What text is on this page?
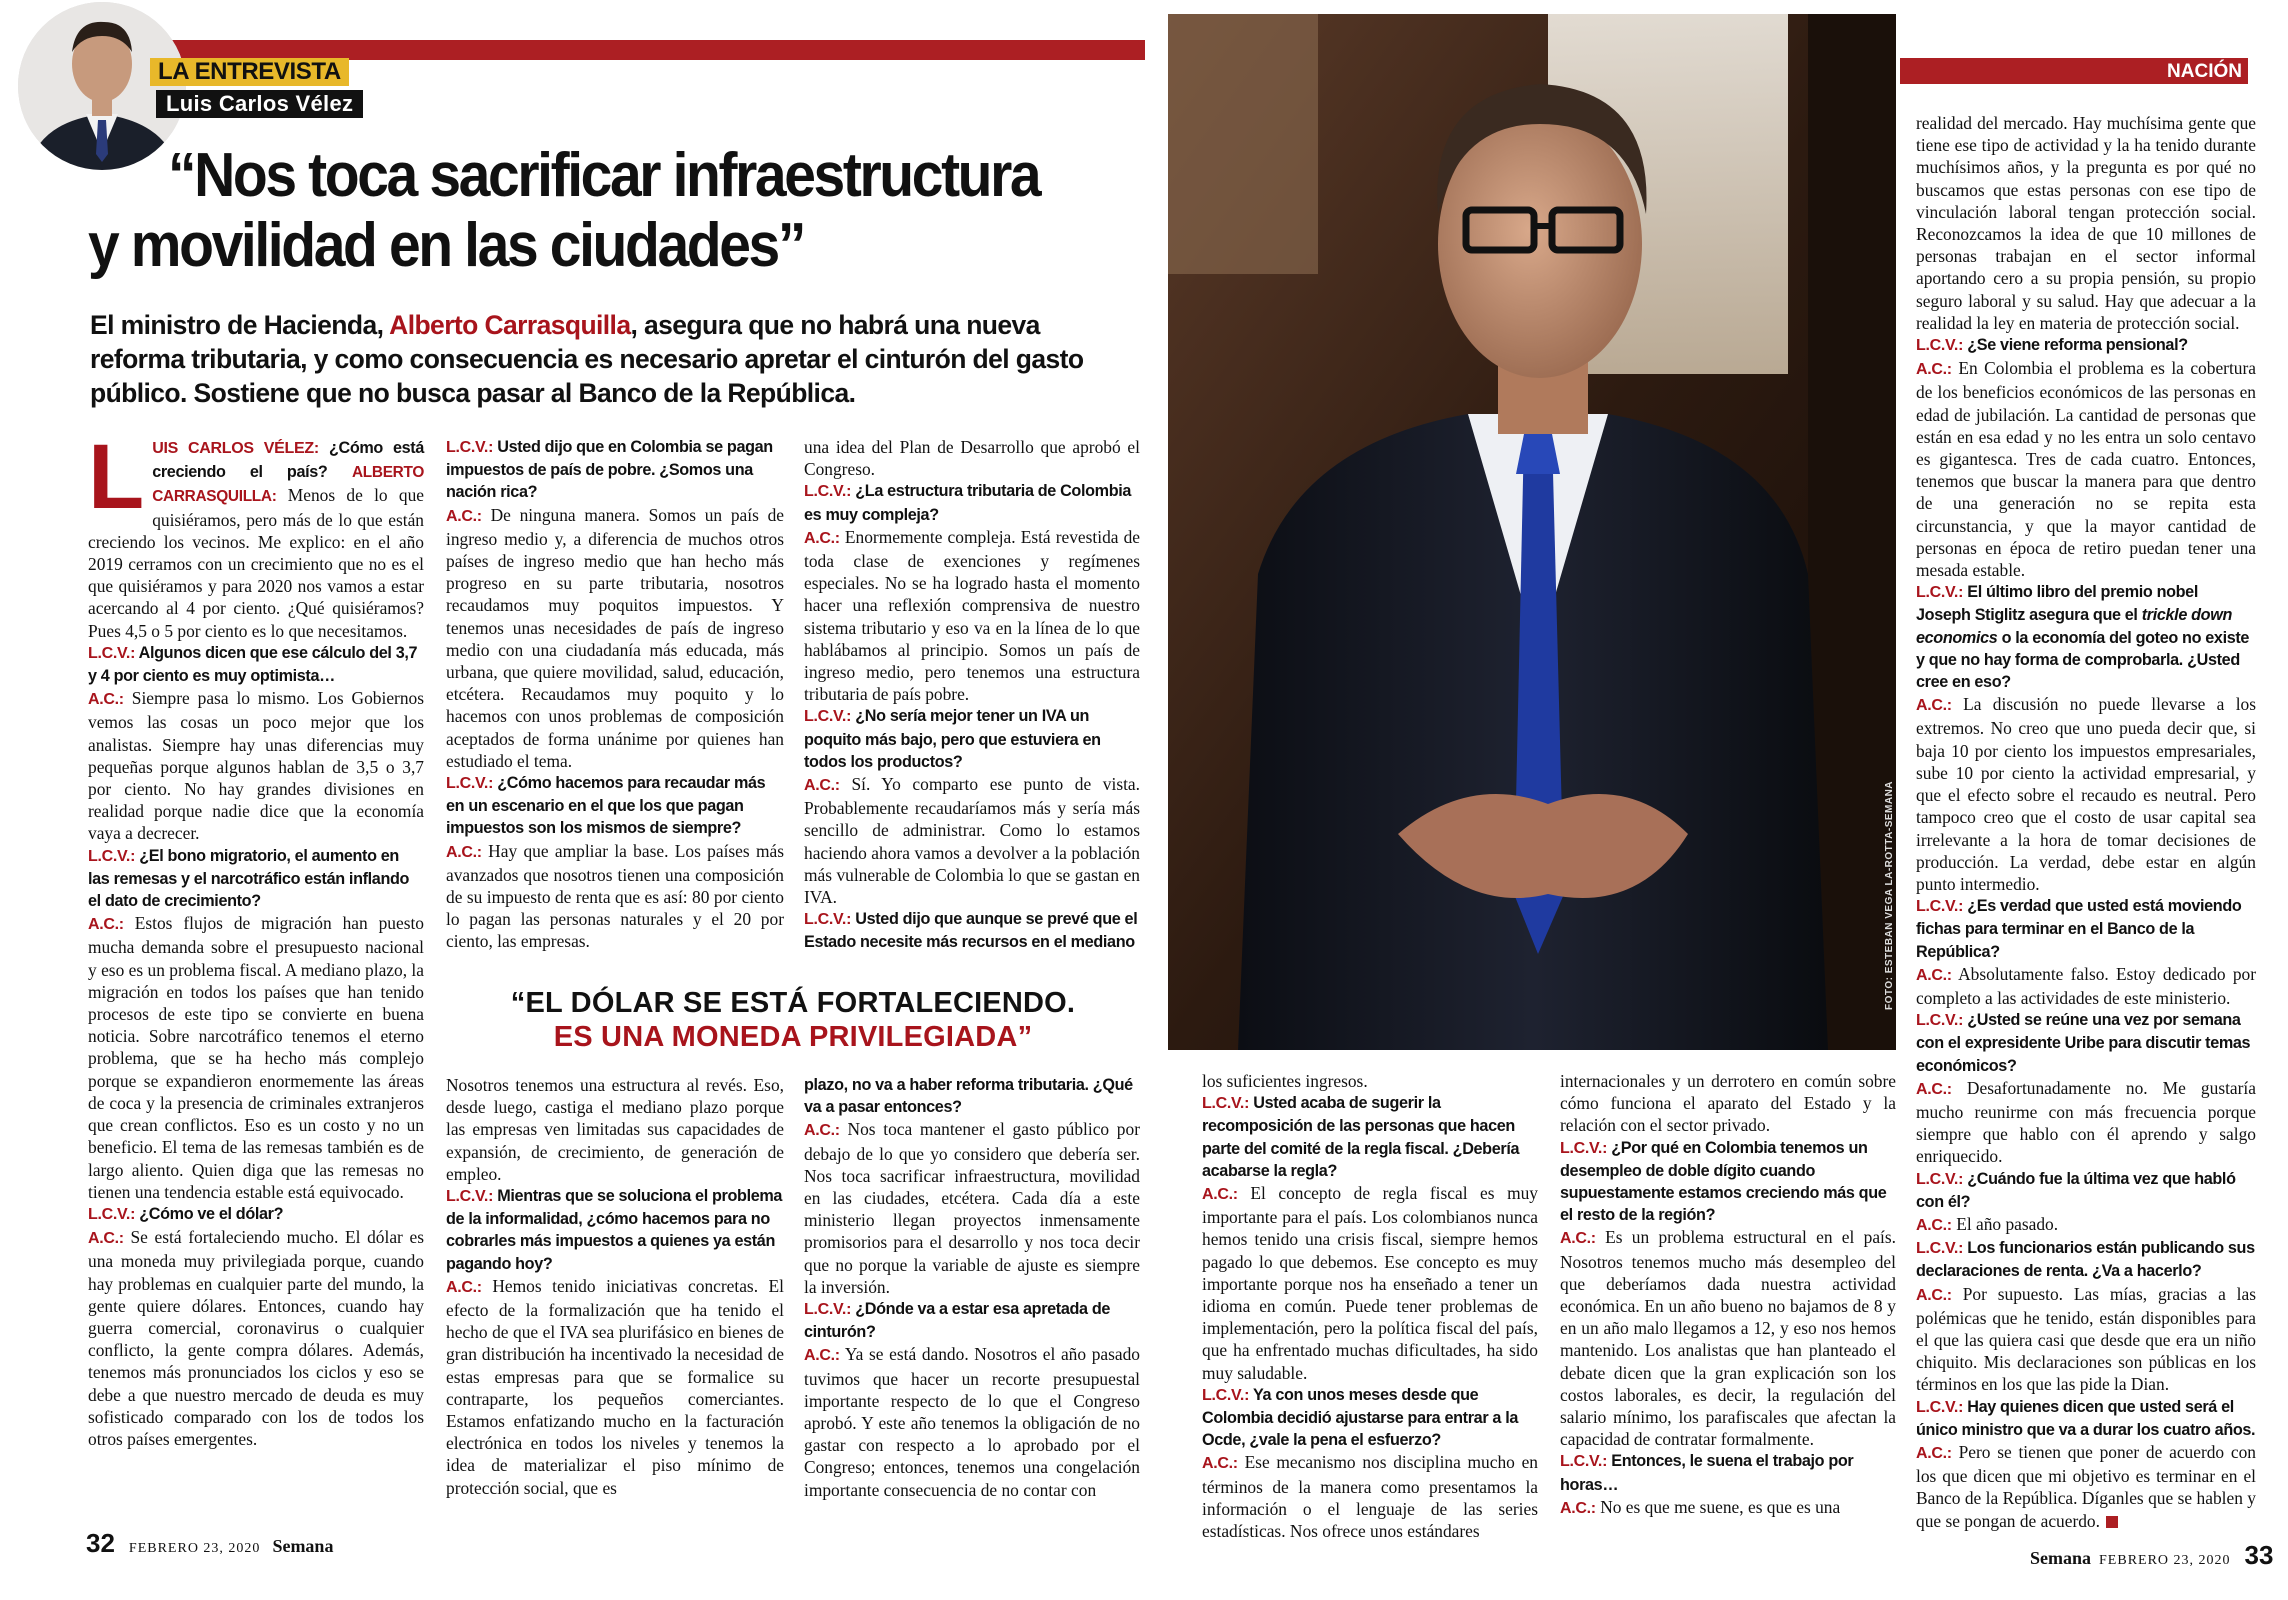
NACIÓN
LA ENTREVISTA
Luis Carlos Vélez
“Nos toca sacrificar infraestructura
y movilidad en las ciudades”
El ministro de Hacienda, Alberto Carrasquilla, asegura que no habrá una nueva
reforma tributaria, y como consecuencia es necesario apretar el cinturón del gasto
público. Sostiene que no busca pasar al Banco de la República.
FOTO: ESTEBAN VEGA LA-ROTTA-SEMANA

LUIS CARLOS VÉLEZ: ¿Cómo está creciendo el país? ALBERTO CARRASQUILLA: Menos de lo que quisiéramos, pero más de lo que están creciendo los vecinos. Me explico: en el año 2019 cerramos con un crecimiento que no es el que quisiéramos y para 2020 nos vamos a estar acercando al 4 por ciento. ¿Qué quisiéramos? Pues 4,5 o 5 por ciento es lo que necesitamos.

L.C.V.: Algunos dicen que ese cálculo del 3,7 y 4 por ciento es muy optimista…

A.C.: Siempre pasa lo mismo. Los Gobiernos vemos las cosas un poco mejor que los analistas. Siempre hay unas diferencias muy pequeñas porque algunos hablan de 3,5 o 3,7 por ciento. No hay grandes divisiones en realidad porque nadie dice que la economía vaya a decrecer.

L.C.V.: ¿El bono migratorio, el aumento en las remesas y el narcotráfico están inflando el dato de crecimiento?

A.C.: Estos flujos de migración han puesto mucha demanda sobre el presupuesto nacional y eso es un problema fiscal. A mediano plazo, la migración en todos los países que han tenido procesos de este tipo se convierte en buena noticia. Sobre narcotráfico tenemos el eterno problema, que se ha hecho más complejo porque se expandieron enormemente las áreas de coca y la presencia de criminales extranjeros que crean conflictos. Eso es un costo y no un beneficio. El tema de las remesas también es de largo aliento. Quien diga que las remesas no tienen una tendencia estable está equivocado.

L.C.V.: ¿Cómo ve el dólar?

A.C.: Se está fortaleciendo mucho. El dólar es una moneda muy privilegiada porque, cuando hay problemas en cualquier parte del mundo, la gente quiere dólares. Entonces, cuando hay guerra comercial, coronavirus o cualquier conflicto, la gente compra dólares. Además, tenemos más pronunciados los ciclos y eso se debe a que nuestro mercado de deuda es muy sofisticado comparado con los de todos los otros países emergentes.

L.C.V.: Usted dijo que en Colombia se pagan impuestos de país de pobre. ¿Somos una nación rica?

A.C.: De ninguna manera. Somos un país de ingreso medio y, a diferencia de muchos otros países de ingreso medio que han hecho más progreso en su parte tributaria, nosotros recaudamos muy poquitos impuestos. Y tenemos unas necesidades de país de ingreso medio con una ciudadanía más educada, más urbana, que quiere movilidad, salud, educación, etcétera. Recaudamos muy poquito y lo hacemos con unos problemas de composición aceptados de forma unánime por quienes han estudiado el tema.

L.C.V.: ¿Cómo hacemos para recaudar más en un escenario en el que los que pagan impuestos son los mismos de siempre?

A.C.: Hay que ampliar la base. Los países más avanzados que nosotros tienen una composición de su impuesto de renta que es así: 80 por ciento lo pagan las personas naturales y el 20 por ciento, las empresas.

una idea del Plan de Desarrollo que aprobó el Congreso.

L.C.V.: ¿La estructura tributaria de Colombia es muy compleja?

A.C.: Enormemente compleja. Está revestida de toda clase de exenciones y regímenes especiales. No se ha logrado hasta el momento hacer una reflexión comprensiva de nuestro sistema tributario y eso va en la línea de lo que hablábamos al principio. Somos un país de ingreso medio, pero tenemos una estructura tributaria de país pobre.

L.C.V.: ¿No sería mejor tener un IVA un poquito más bajo, pero que estuviera en todos los productos?

A.C.: Sí. Yo comparto ese punto de vista. Probablemente recaudaríamos más y sería más sencillo de administrar. Como lo estamos haciendo ahora vamos a devolver a la población más vulnerable de Colombia lo que se gastan en IVA.

L.C.V.: Usted dijo que aunque se prevé que el Estado necesite más recursos en el mediano

“EL DÓLAR SE ESTÁ FORTALECIENDO.
ES UNA MONEDA PRIVILEGIADA”

Nosotros tenemos una estructura al revés. Eso, desde luego, castiga el mediano plazo porque las empresas ven limitadas sus capacidades de expansión, de crecimiento, de generación de empleo.

L.C.V.: Mientras que se soluciona el problema de la informalidad, ¿cómo hacemos para no cobrarles más impuestos a quienes ya están pagando hoy?

A.C.: Hemos tenido iniciativas concretas. El efecto de la formalización que ha tenido el hecho de que el IVA sea plurifásico en bienes de gran distribución ha incentivado la necesidad de estas empresas para que se formalice su contraparte, los pequeños comerciantes. Estamos enfatizando mucho en la facturación electrónica en todos los niveles y tenemos la idea de materializar el piso mínimo de protección social, que es

plazo, no va a haber reforma tributaria. ¿Qué va a pasar entonces?

A.C.: Nos toca mantener el gasto público por debajo de lo que yo considero que debería ser. Nos toca sacrificar infraestructura, movilidad en las ciudades, etcétera. Cada día a este ministerio llegan proyectos inmensamente promisorios para el desarrollo y nos toca decir que no porque la variable de ajuste es siempre la inversión.

L.C.V.: ¿Dónde va a estar esa apretada de cinturón?

A.C.: Ya se está dando. Nosotros el año pasado tuvimos que hacer un recorte presupuestal importante respecto de lo que el Congreso aprobó. Y este año tenemos la obligación de no gastar con respecto a lo aprobado por el Congreso; entonces, tenemos una congelación importante consecuencia de no contar con

los suficientes ingresos.

L.C.V.: Usted acaba de sugerir la recomposición de las personas que hacen parte del comité de la regla fiscal. ¿Debería acabarse la regla?

A.C.: El concepto de regla fiscal es muy importante para el país. Los colombianos nunca hemos tenido una crisis fiscal, siempre hemos pagado lo que debemos. Ese concepto es muy importante porque nos ha enseñado a tener un idioma en común. Puede tener problemas de implementación, pero la política fiscal del país, que ha enfrentado muchas dificultades, ha sido muy saludable.

L.C.V.: Ya con unos meses desde que Colombia decidió ajustarse para entrar a la Ocde, ¿vale la pena el esfuerzo?

A.C.: Ese mecanismo nos disciplina mucho en términos de la manera como presentamos la información o el lenguaje de las series estadísticas. Nos ofrece unos estándares

internacionales y un derrotero en común sobre cómo funciona el aparato del Estado y la relación con el sector privado.

L.C.V.: ¿Por qué en Colombia tenemos un desempleo de doble dígito cuando supuestamente estamos creciendo más que el resto de la región?

A.C.: Es un problema estructural en el país. Nosotros tenemos mucho más desempleo del que deberíamos dada nuestra actividad económica. En un año bueno no bajamos de 8 y en un año malo llegamos a 12, y eso nos hemos mantenido. Los analistas que han planteado el debate dicen que la gran explicación son los costos laborales, es decir, la regulación del salario mínimo, los parafiscales que afectan la capacidad de contratar formalmente.

L.C.V.: Entonces, le suena el trabajo por horas…

A.C.: No es que me suene, es que es una

realidad del mercado. Hay muchísima gente que tiene ese tipo de actividad y la ha tenido durante muchísimos años, y la pregunta es por qué no buscamos que estas personas con ese tipo de vinculación laboral tengan protección social. Reconozcamos la idea de que 10 millones de personas trabajan en el sector informal aportando cero a su propia pensión, su propio seguro laboral y su salud. Hay que adecuar a la realidad la ley en materia de protección social.

L.C.V.: ¿Se viene reforma pensional?

A.C.: En Colombia el problema es la cobertura de los beneficios económicos de las personas en edad de jubilación. La cantidad de personas que están en esa edad y no les entra un solo centavo es gigantesca. Tres de cada cuatro. Entonces, tenemos que buscar la manera para que dentro de una generación no se repita esta circunstancia, y que la mayor cantidad de personas en época de retiro puedan tener una mesada estable.

L.C.V.: El último libro del premio nobel Joseph Stiglitz asegura que el trickle down economics o la economía del goteo no existe y que no hay forma de comprobarla. ¿Usted cree en eso?

A.C.: La discusión no puede llevarse a los extremos. No creo que uno pueda decir que, si baja 10 por ciento los impuestos empresariales, sube 10 por ciento la actividad empresarial, y que el efecto sobre el recaudo es neutral. Pero tampoco creo que el costo de usar capital sea irrelevante a la hora de tomar decisiones de producción. La verdad, debe estar en algún punto intermedio.

L.C.V.: ¿Es verdad que usted está moviendo fichas para terminar en el Banco de la República?

A.C.: Absolutamente falso. Estoy dedicado por completo a las actividades de este ministerio.

L.C.V.: ¿Usted se reúne una vez por semana con el expresidente Uribe para discutir temas económicos?

A.C.: Desafortunadamente no. Me gustaría mucho reunirme con más frecuencia porque siempre que hablo con él aprendo y salgo enriquecido.

L.C.V.: ¿Cuándo fue la última vez que habló con él?

A.C.: El año pasado.

L.C.V.: Los funcionarios están publicando sus declaraciones de renta. ¿Va a hacerlo?

A.C.: Por supuesto. Las mías, gracias a las polémicas que he tenido, están disponibles para el que las quiera casi que desde que era un niño chiquito. Mis declaraciones son públicas en los términos en los que las pide la Dian.

L.C.V.: Hay quienes dicen que usted será el único ministro que va a durar los cuatro años.

A.C.: Pero se tienen que poner de acuerdo con los que dicen que mi objetivo es terminar en el Banco de la República. Díganles que se hablen y que se pongan de acuerdo.

32 FEBRERO 23, 2020 Semana
Semana FEBRERO 23, 2020 33
